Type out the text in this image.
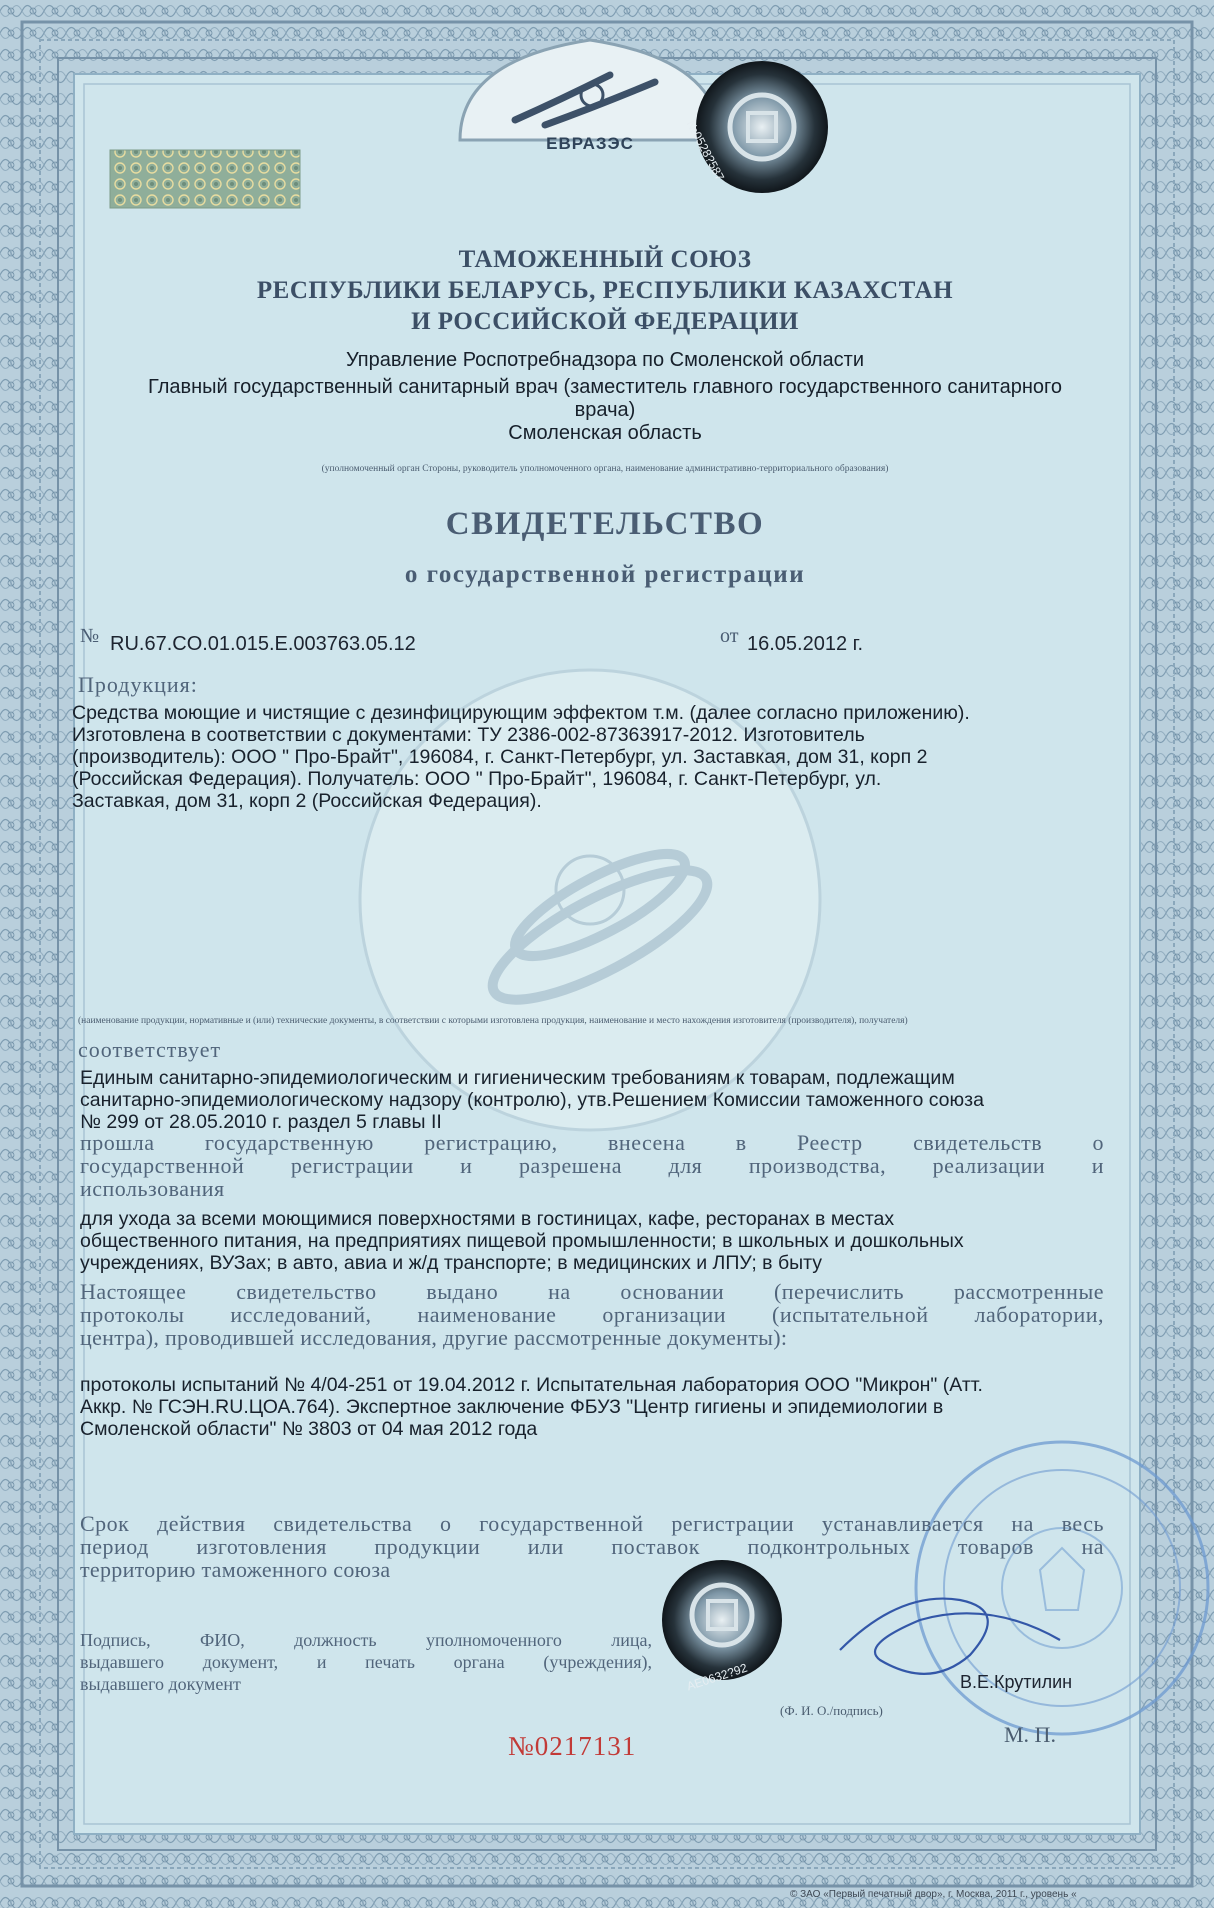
ЕВРАЗЭС	№0528?587
ТАМОЖЕННЫЙ СОЮЗ
РЕСПУБЛИКИ БЕЛАРУСЬ, РЕСПУБЛИКИ КАЗАХСТАН
И РОССИЙСКОЙ ФЕДЕРАЦИИ
Управление Роспотребнадзора по Смоленской области
Главный государственный санитарный врач (заместитель главного государственного санитарного
врача)
Смоленская область
(уполномоченный орган Стороны, руководитель уполномоченного органа, наименование административно-территориального образования)
СВИДЕТЕЛЬСТВО
о государственной регистрации
№ RU.67.CO.01.015.E.003763.05.12	от 16.05.2012 г.
Продукция:
Средства моющие и чистящие с дезинфицирующим эффектом т.м. (далее согласно приложению).
Изготовлена в соответствии с документами: ТУ 2386-002-87363917-2012. Изготовитель
(производитель): ООО " Про-Брайт", 196084, г. Санкт-Петербург, ул. Заставкая, дом 31, корп 2
(Российская Федерация). Получатель: ООО " Про-Брайт", 196084, г. Санкт-Петербург, ул.
Заставкая, дом 31, корп 2 (Российская Федерация).
(наименование продукции, нормативные и (или) технические документы, в соответствии с которыми изготовлена продукция, наименование и место нахождения изготовителя (производителя), получателя)
соответствует
Единым санитарно-эпидемиологическим и гигиеническим требованиям к товарам, подлежащим
санитарно-эпидемиологическому надзору (контролю), утв.Решением Комиссии таможенного союза
№ 299 от 28.05.2010 г. раздел 5 главы II
прошла государственную регистрацию, внесена в Реестр свидетельств о
государственной регистрации и разрешена для производства, реализации и
использования
для ухода за всеми моющимися поверхностями в гостиницах, кафе, ресторанах в местах
общественного питания, на предприятиях пищевой промышленности; в школьных и дошкольных
учреждениях, ВУЗах; в авто, авиа и ж/д транспорте; в медицинских и ЛПУ; в быту
Настоящее свидетельство выдано на основании (перечислить рассмотренные
протоколы исследований, наименование организации (испытательной лаборатории,
центра), проводившей исследования, другие рассмотренные документы):
протоколы испытаний № 4/04-251 от 19.04.2012 г. Испытательная лаборатория ООО "Микрон" (Атт.
Аккр. № ГСЭН.RU.ЦОА.764). Экспертное заключение ФБУЗ "Центр гигиены и эпидемиологии в
Смоленской области" № 3803 от 04 мая 2012 года
Срок действия свидетельства о государственной регистрации устанавливается на весь
период изготовления продукции или поставок подконтрольных товаров на
территорию таможенного союза
Подпись, ФИО, должность уполномоченного лица,
выдавшего документ, и печать органа (учреждения),
выдавшего документ	АЕ0632?92	В.Е.Крутилин
(Ф. И. О./подпись)
М. П.
№0217131
© ЗАО «Первый печатный двор», г. Москва, 2011 г., уровень «
